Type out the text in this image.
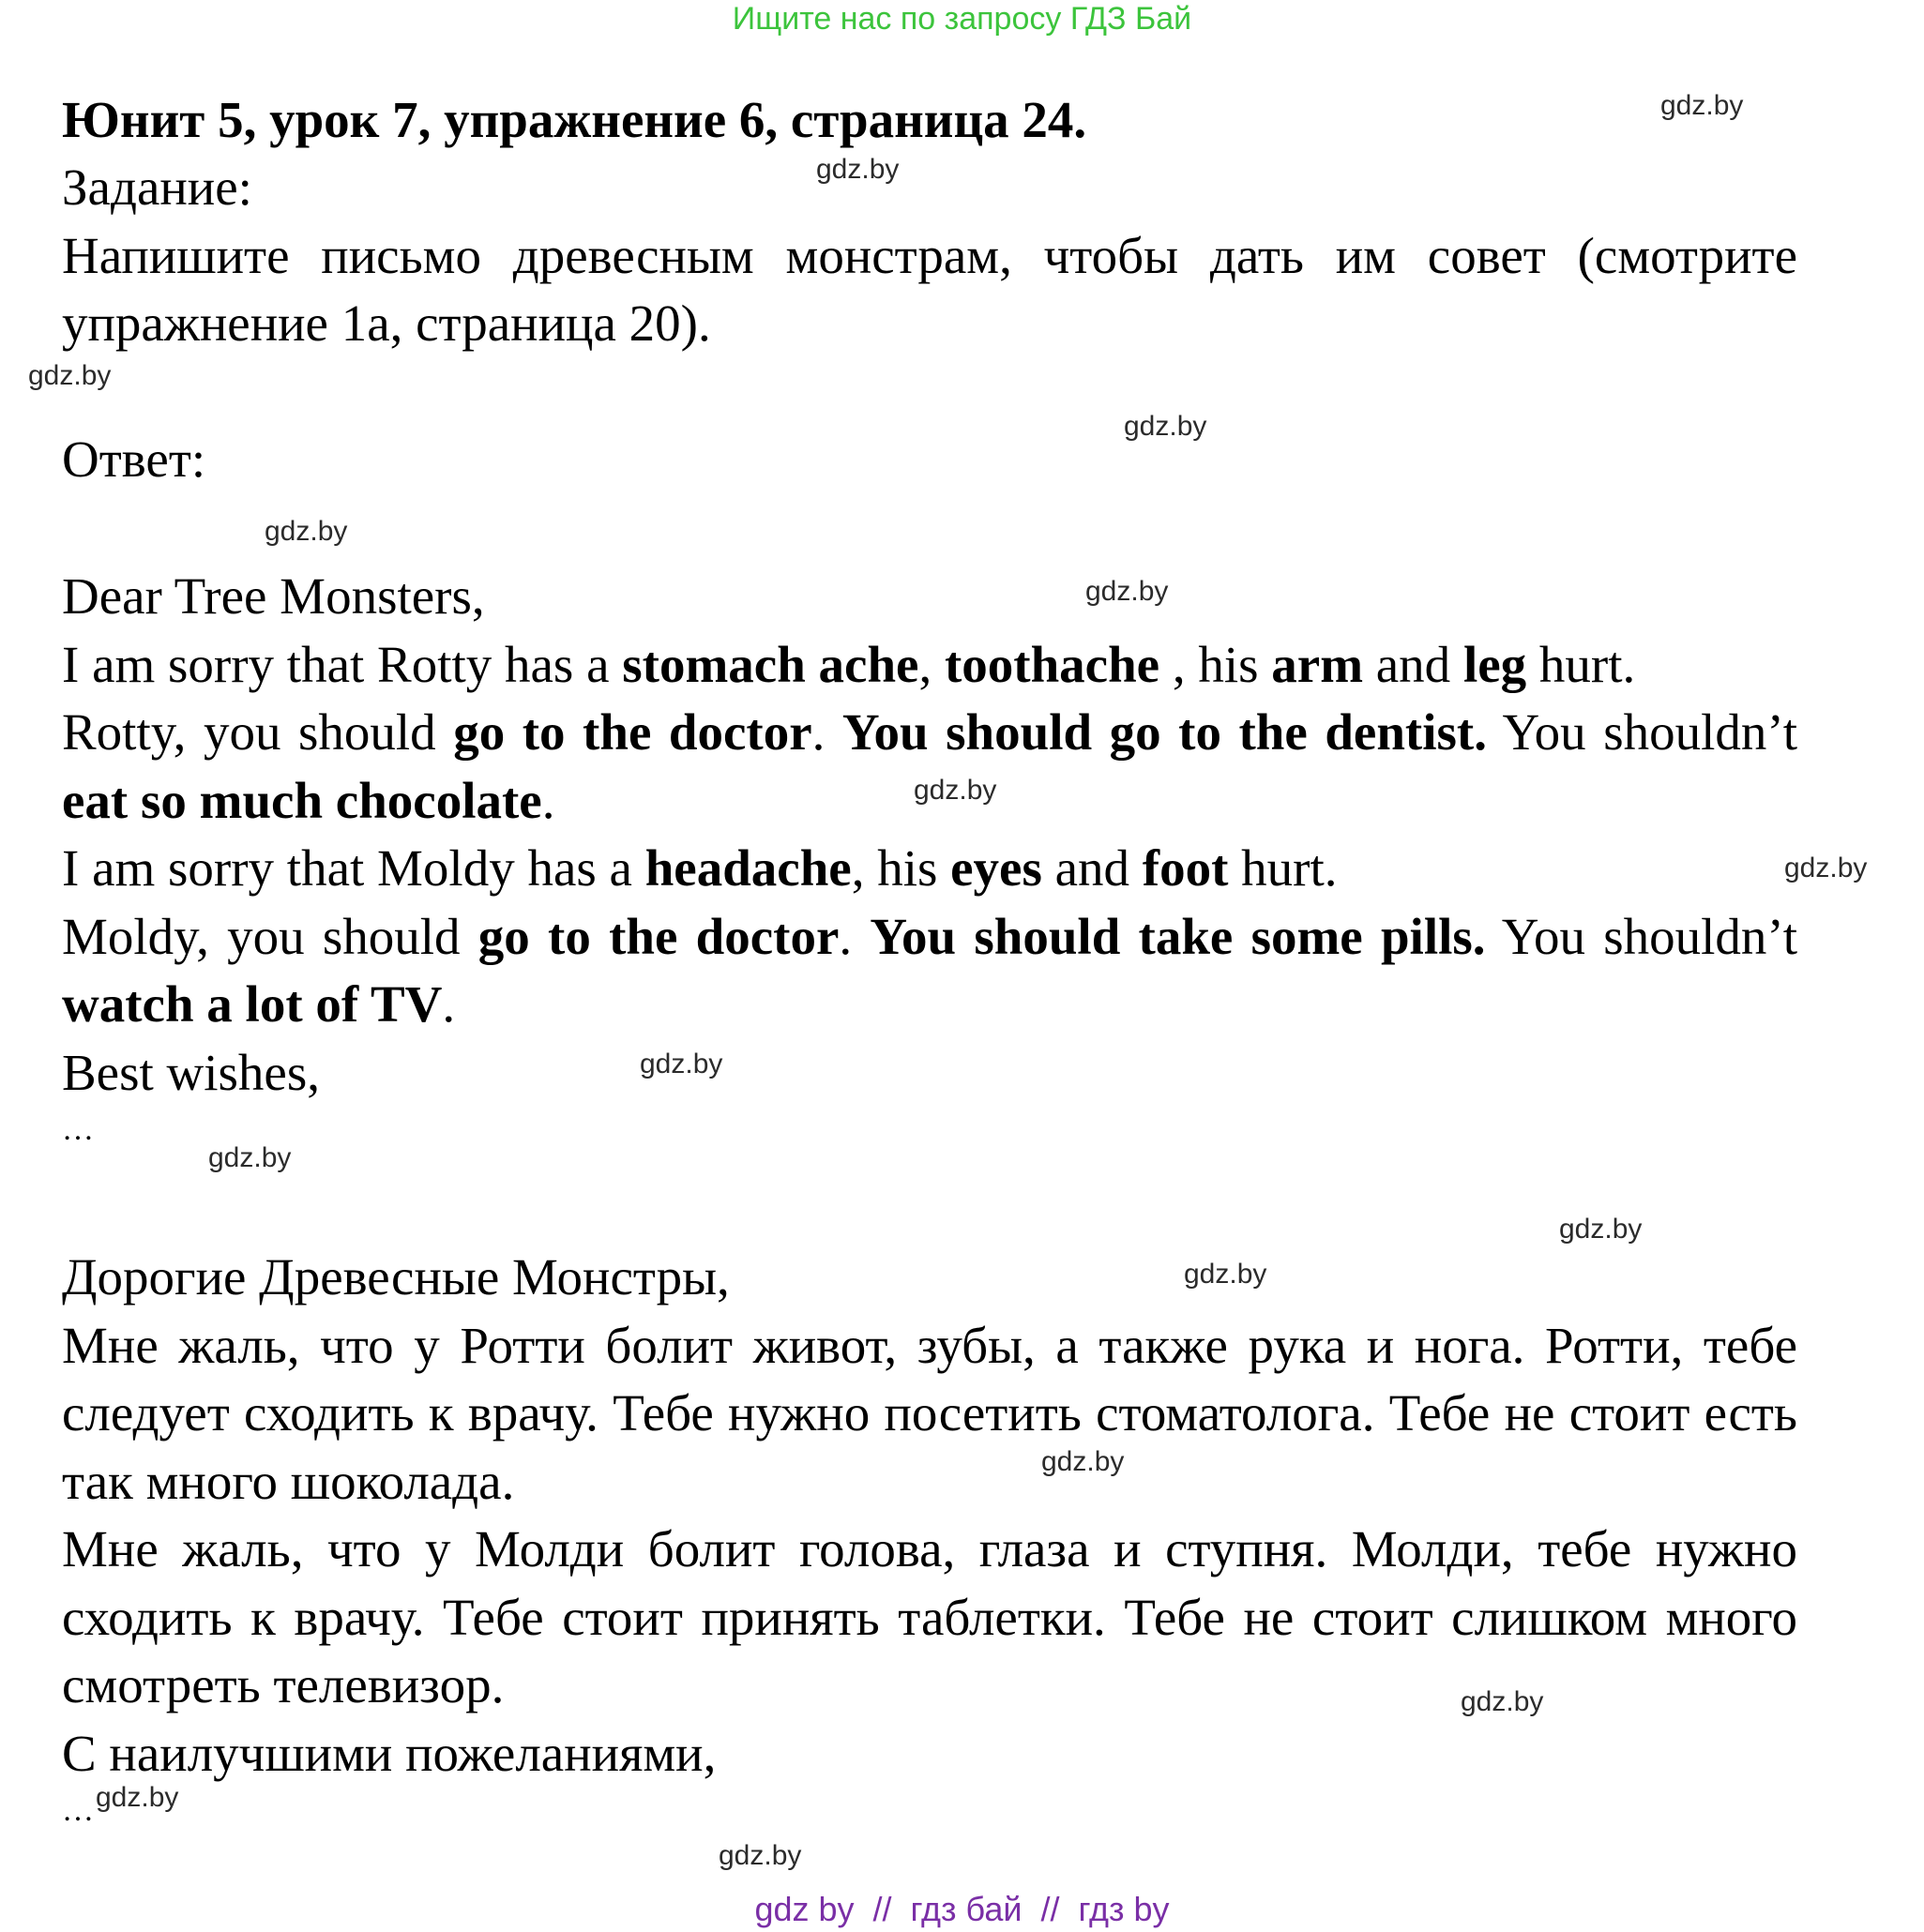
Ищите нас по запросу ГДЗ Бай
Юнит 5, урок 7, упражнение 6, страница 24.
Задание:
Напишите письмо древесным монстрам, чтобы дать им совет (смотрите упражнение 1а, страница 20).
Ответ:
Dear Tree Monsters,
I am sorry that Rotty has a stomach ache, toothache , his arm and leg hurt.
Rotty, you should go to the doctor. You should go to the dentist. You shouldn’t eat so much chocolate.
I am sorry that Moldy has a headache, his eyes and foot hurt.
Moldy, you should go to the doctor. You should take some pills. You shouldn’t watch a lot of TV.
Best wishes,
…
Дорогие Древесные Монстры,
Мне жаль, что у Ротти болит живот, зубы, а также рука и нога. Ротти, тебе следует сходить к врачу. Тебе нужно посетить стоматолога. Тебе не стоит есть так много шоколада.
Мне жаль, что у Молди болит голова, глаза и ступня. Молди, тебе нужно сходить к врачу. Тебе стоит принять таблетки. Тебе не стоит слишком много смотреть телевизор.
С наилучшими пожеланиями,
…
gdz.by
gdz.by
gdz.by
gdz.by
gdz.by
gdz.by
gdz.by
gdz.by
gdz.by
gdz.by
gdz.by
gdz.by
gdz.by
gdz.by
gdz.by
gdz.by
gdz by  //  гдз бай  //  гдз by
